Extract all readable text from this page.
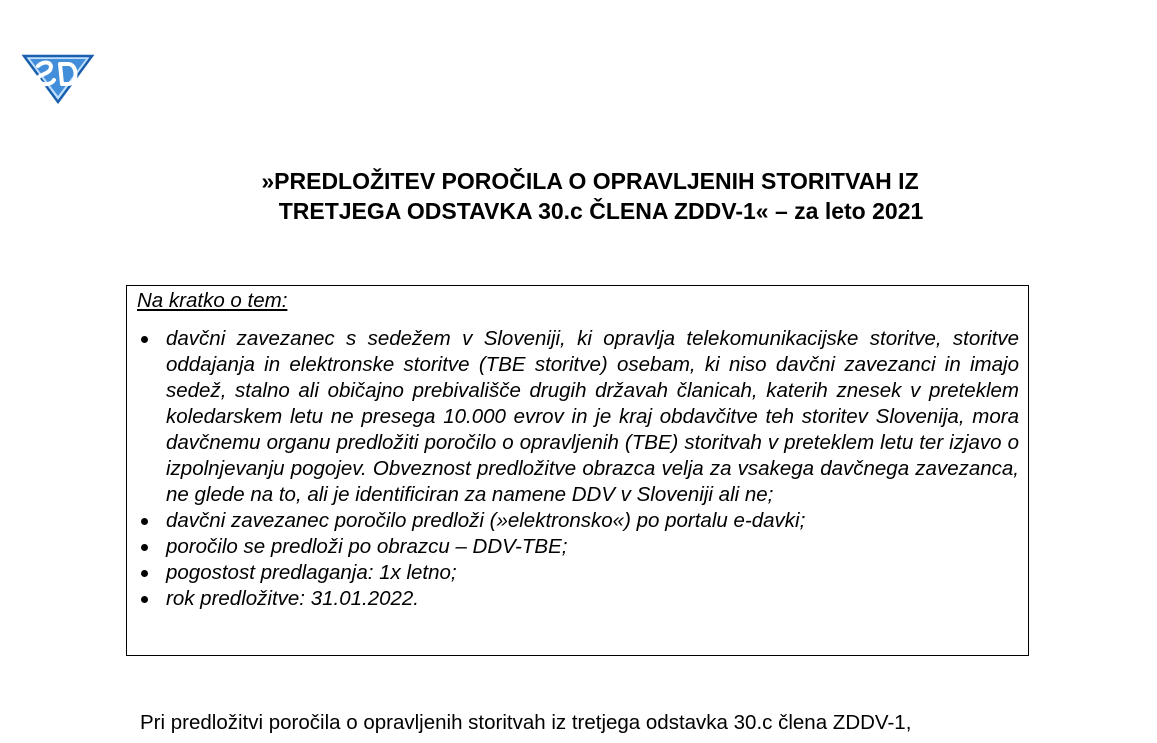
»PREDLOŽITEV POROČILA O OPRAVLJENIH STORITVAH IZ
TRETJEGA ODSTAVKA 30.c ČLENA ZDDV-1« – za leto 2021

Na kratko o tem:

davčni zavezanec s sedežem v Sloveniji, ki opravlja telekomunikacijske storitve, storitve oddajanja in elektronske storitve (TBE storitve) osebam, ki niso davčni zavezanci in imajo sedež, stalno ali običajno prebivališče drugih državah članicah, katerih znesek v preteklem koledarskem letu ne presega 10.000 evrov in je kraj obdavčitve teh storitev Slovenija, mora davčnemu organu predložiti poročilo o opravljenih (TBE) storitvah v preteklem letu ter izjavo o izpolnjevanju pogojev. Obveznost predložitve obrazca velja za vsakega davčnega zavezanca, ne glede na to, ali je identificiran za namene DDV v Sloveniji ali ne;
davčni zavezanec poročilo predloži (»elektronsko«) po portalu e-davki;
poročilo se predloži po obrazcu – DDV-TBE;
pogostost predlaganja: 1x letno;
rok predložitve: 31.01.2022.
Pri predložitvi poročila o opravljenih storitvah iz tretjega odstavka 30.c člena ZDDV-1,
